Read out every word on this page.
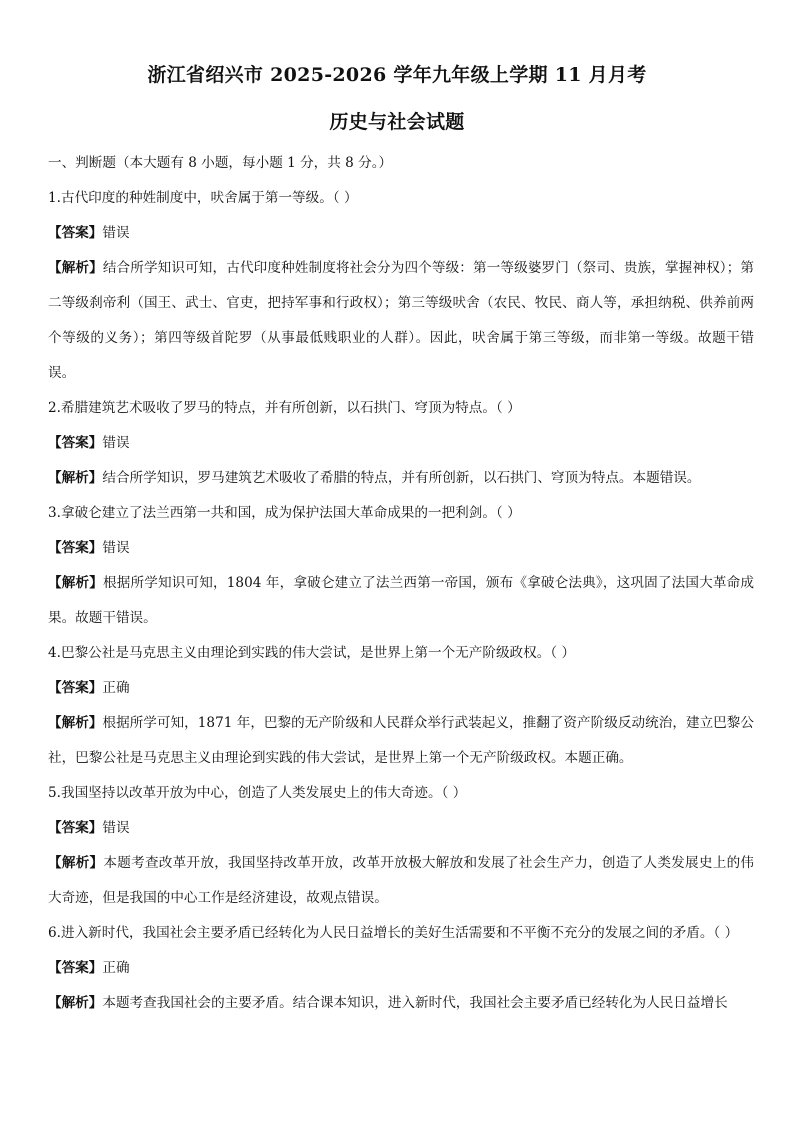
浙江省绍兴市 2025-2026 学年九年级上学期 11 月月考
历史与社会试题

一、判断题（本大题有 8 小题，每小题 1 分，共 8 分。）

1.古代印度的种姓制度中，吠舍属于第一等级。（ ）

【答案】错误

【解析】结合所学知识可知，古代印度种姓制度将社会分为四个等级：第一等级婆罗门（祭司、贵族，掌握神权）；第二等级刹帝利（国王、武士、官吏，把持军事和行政权）；第三等级吠舍（农民、牧民、商人等，承担纳税、供养前两个等级的义务）；第四等级首陀罗（从事最低贱职业的人群）。因此，吠舍属于第三等级，而非第一等级。故题干错误。

2.希腊建筑艺术吸收了罗马的特点，并有所创新，以石拱门、穹顶为特点。（ ）

【答案】错误

【解析】结合所学知识，罗马建筑艺术吸收了希腊的特点，并有所创新，以石拱门、穹顶为特点。本题错误。

3.拿破仑建立了法兰西第一共和国，成为保护法国大革命成果的一把利剑。（ ）

【答案】错误

【解析】根据所学知识可知，1804 年，拿破仑建立了法兰西第一帝国，颁布《拿破仑法典》，这巩固了法国大革命成果。故题干错误。

4.巴黎公社是马克思主义由理论到实践的伟大尝试，是世界上第一个无产阶级政权。（ ）

【答案】正确

【解析】根据所学可知，1871 年，巴黎的无产阶级和人民群众举行武装起义，推翻了资产阶级反动统治，建立巴黎公社，巴黎公社是马克思主义由理论到实践的伟大尝试，是世界上第一个无产阶级政权。本题正确。

5.我国坚持以改革开放为中心，创造了人类发展史上的伟大奇迹。（ ）

【答案】错误

【解析】本题考查改革开放，我国坚持改革开放，改革开放极大解放和发展了社会生产力，创造了人类发展史上的伟大奇迹，但是我国的中心工作是经济建设，故观点错误。

6.进入新时代，我国社会主要矛盾已经转化为人民日益增长的美好生活需要和不平衡不充分的发展之间的矛盾。（ ）

【答案】正确

【解析】本题考查我国社会的主要矛盾。结合课本知识，进入新时代，我国社会主要矛盾已经转化为人民日益增长
